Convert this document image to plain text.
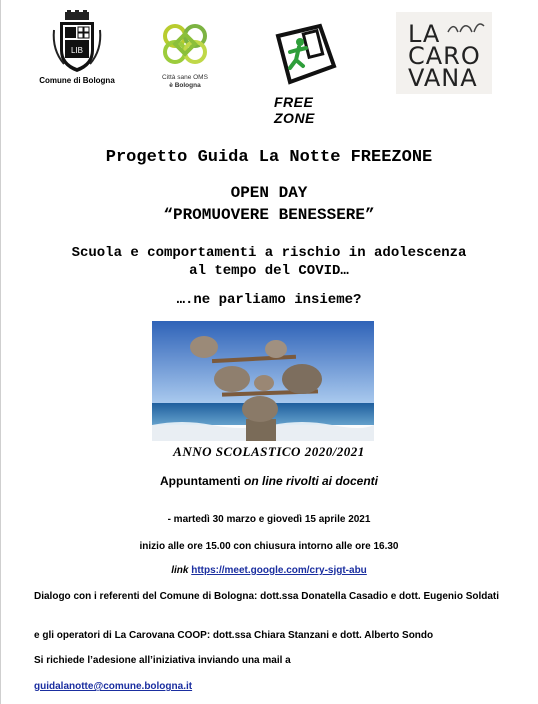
LIB
Comune di Bologna	Città sane OMS
è Bologna
FREE ZONE
LA
CARO
VANA
Progetto Guida La Notte FREEZONE
OPEN DAY
“PROMUOVERE BENESSERE”
Scuola e comportamenti a rischio in adolescenza
al tempo del COVID…
….ne parliamo insieme?
ANNO SCOLASTICO 2020/2021
Appuntamenti on line rivolti ai docenti
- martedì 30 marzo e giovedì 15 aprile 2021
inizio alle ore 15.00 con chiusura intorno alle ore 16.30
link https://meet.google.com/cry-sjgt-abu
Dialogo con i referenti del Comune di Bologna: dott.ssa Donatella Casadio e dott. Eugenio Soldati
e gli operatori di La Carovana COOP: dott.ssa Chiara Stanzani e dott. Alberto Sondo
Si richiede l’adesione all’iniziativa inviando una mail a
guidalanotte@comune.bologna.it
